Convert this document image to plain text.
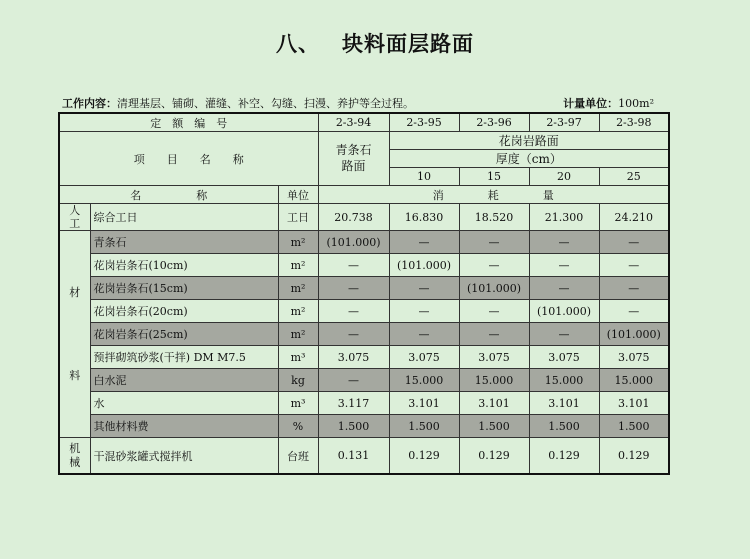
八、 块料面层路面
工作内容：清理基层、铺砌、灌缝、补空、勾缝、扫漫、养护等全过程。	计量单位：100m²
定　额　编　号			2-3-94	2-3-95	2-3-96	2-3-97	2-3-98
项　　目　　名　　称			青条石
路面	花岗岩路面			
				厚度（cm）			
				10	15	20	25
名　　　　　称		单位	消　　　　耗　　　　量				

人
工	综合工日	工日	20.738	16.830	18.520	21.300	24.210

材
料	青条石	m²	(101.000)	—	—	—	—
	花岗岩条石(10cm)	m²	—	(101.000)	—	—	—
	花岗岩条石(15cm)	m²	—	—	(101.000)	—	—
	花岗岩条石(20cm)	m²	—	—	—	(101.000)	—
	花岗岩条石(25cm)	m²	—	—	—	—	(101.000)
	预拌砌筑砂浆(干拌) DM M7.5	m³	3.075	3.075	3.075	3.075	3.075
	白水泥	kg	—	15.000	15.000	15.000	15.000
	水	m³	3.117	3.101	3.101	3.101	3.101
	其他材料费	%	1.500	1.500	1.500	1.500	1.500

机
械	干混砂浆罐式搅拌机	台班	0.131	0.129	0.129	0.129	0.129
